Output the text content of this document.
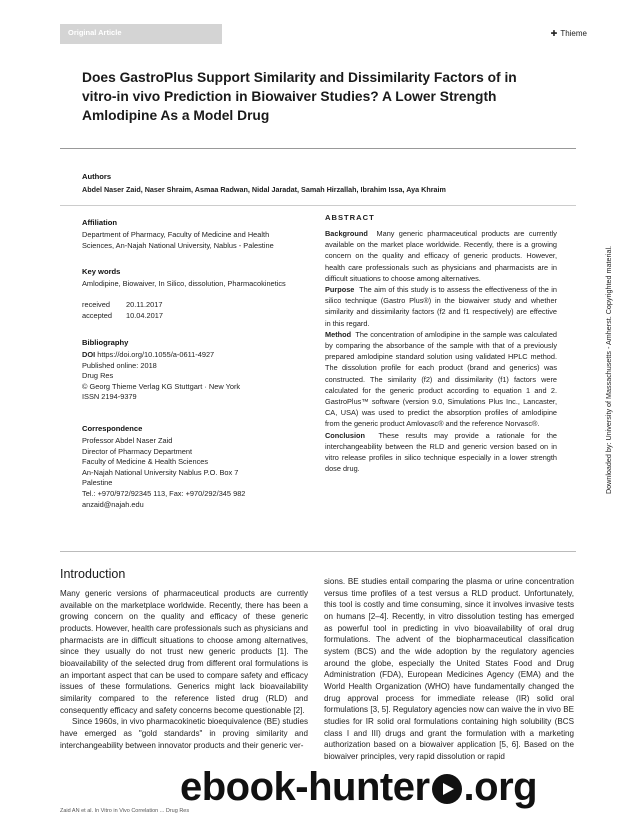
Original Article	✚ Thieme
Does GastroPlus Support Similarity and Dissimilarity Factors of in vitro-in vivo Prediction in Biowaiver Studies? A Lower Strength Amlodipine As a Model Drug
Authors
Abdel Naser Zaid, Naser Shraim, Asmaa Radwan, Nidal Jaradat, Samah Hirzallah, Ibrahim Issa, Aya Khraim
Affiliation
Department of Pharmacy, Faculty of Medicine and Health Sciences, An-Najah National University, Nablus - Palestine
Key words
Amlodipine, Biowaiver, In Silico, dissolution, Pharmacokinetics
received	20.11.2017
accepted 10.04.2017
Bibliography
DOI https://doi.org/10.1055/a-0611-4927
Published online: 2018
Drug Res
© Georg Thieme Verlag KG Stuttgart · New York
ISSN 2194-9379
Correspondence
Professor Abdel Naser Zaid
Director of Pharmacy Department
Faculty of Medicine & Health Sciences
An-Najah National University Nablus P.O. Box 7
Palestine
Tel.: +970/972/92345 113, Fax: +970/292/345 982
anzaid@najah.edu
ABSTRACT
Background Many generic pharmaceutical products are currently available on the market place worldwide. Recently, there is a growing concern on the quality and efficacy of generic products. However, health care professionals such as physicians and pharmacists are in difficult situations to choose among alternatives.
Purpose The aim of this study is to assess the effectiveness of the in silico technique (Gastro Plus®) in the biowaiver study and whether similarity and dissimilarity factors (f2 and f1 respectively) are effective in this regard.
Method The concentration of amlodipine in the sample was calculated by comparing the absorbance of the sample with that of a previously prepared amlodipine standard solution using validated HPLC method. The dissolution profile for each product (brand and generics) was constructed. The similarity (f2) and dissimilarity (f1) factors were calculated for the generic product according to equation 1 and 2. GastroPlus™ software (version 9.0, Simulations Plus Inc., Lancaster, CA, USA) was used to predict the absorption profiles of amlodipine from the generic product Amlovasc® and the reference Norvasc®.
Conclusion These results may provide a rationale for the interchangeability between the RLD and generic version based on in vitro release profiles in silico technique especially in a lower strength dose drug.
Introduction
Many generic versions of pharmaceutical products are currently available on the marketplace worldwide. Recently, there has been a growing concern on the quality and efficacy of these generic products. However, health care professionals such as physicians and pharmacists are in difficult situations to choose among alternatives, since they usually do not trust new generic products [1]. The bioavailability of the selected drug from different oral formulations is an important aspect that can be used to compare safety and efficacy issues of these formulations. Generics might lack bioavailability similarity compared to the reference listed drug (RLD) and consequently efficacy and safety concerns become questionable [2].
Since 1960s, in vivo pharmacokinetic bioequivalence (BE) studies have emerged as "gold standards" in proving similarity and interchangeability between innovator products and their generic ver-
sions. BE studies entail comparing the plasma or urine concentration versus time profiles of a test versus a RLD product. Unfortunately, this tool is costly and time consuming, since it involves invasive tests on humans [2–4]. Recently, in vitro dissolution testing has emerged as powerful tool in predicting in vivo bioavailability of oral drug formulations. The advent of the biopharmaceutical classification system (BCS) and the wide adoption by the regulatory agencies around the globe, especially the United States Food and Drug Administration (FDA), European Medicines Agency (EMA) and the World Health Organization (WHO) have fundamentally changed the drug approval process for immediate release (IR) solid oral formulations [3, 5]. Regulatory agencies now can waive the in vivo BE studies for IR solid oral formulations containing high solubility (BCS class I and III) drugs and grant the formulation with a marketing authorization based on a biowaiver application [5, 6]. Based on the biowaiver principles, very rapid dissolution or rapid
Downloaded by: University of Massachusetts - Amherst. Copyrighted material.
Zaid AN et al. In Vitro in Vivo Correlation ... Drug Res
ebook-hunter .org
